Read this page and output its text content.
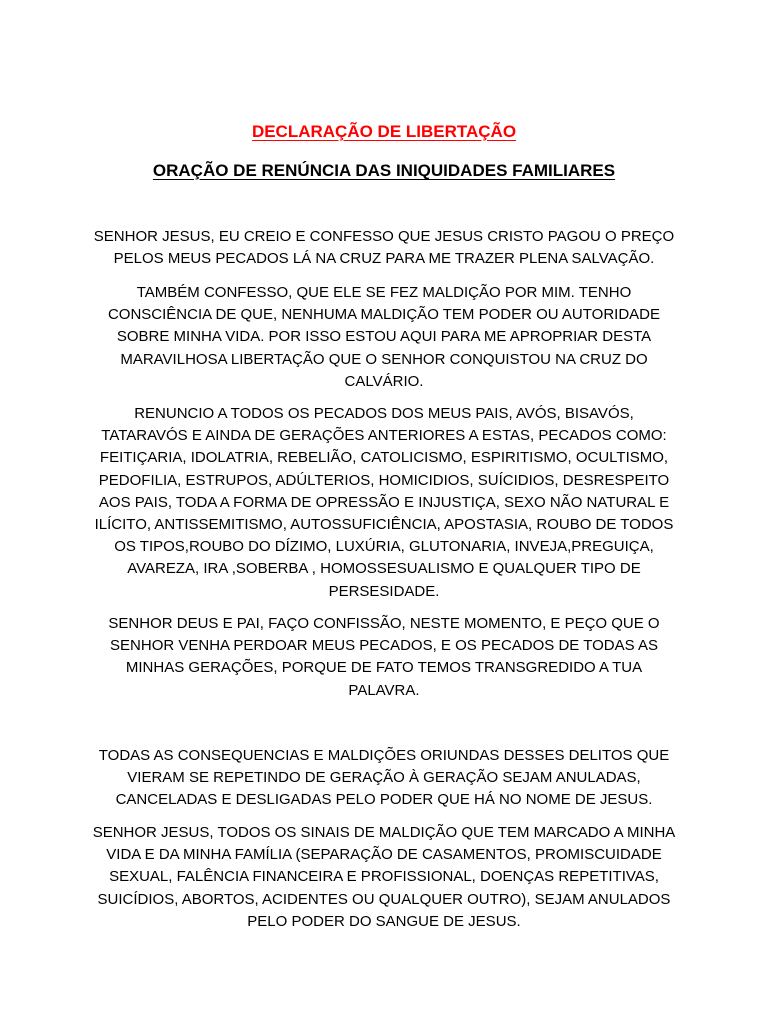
DECLARAÇÃO DE LIBERTAÇÃO
ORAÇÃO DE RENÚNCIA DAS INIQUIDADES FAMILIARES

SENHOR JESUS, EU CREIO E CONFESSO QUE JESUS CRISTO PAGOU O PREÇO PELOS MEUS PECADOS LÁ NA CRUZ PARA ME TRAZER PLENA SALVAÇÃO.

TAMBÉM CONFESSO, QUE ELE SE FEZ MALDIÇÃO POR MIM. TENHO CONSCIÊNCIA DE QUE, NENHUMA MALDIÇÃO TEM PODER OU AUTORIDADE SOBRE MINHA VIDA. POR ISSO ESTOU AQUI PARA ME APROPRIAR DESTA MARAVILHOSA LIBERTAÇÃO QUE O SENHOR CONQUISTOU NA CRUZ DO CALVÁRIO.

RENUNCIO A TODOS OS PECADOS DOS MEUS PAIS, AVÓS, BISAVÓS, TATARAVÓS E AINDA DE GERAÇÕES ANTERIORES A ESTAS, PECADOS COMO: FEITIÇARIA, IDOLATRIA, REBELIÃO, CATOLICISMO, ESPIRITISMO, OCULTISMO, PEDOFILIA, ESTRUPOS, ADÚLTERIOS, HOMICIDIOS, SUÍCIDIOS, DESRESPEITO AOS PAIS, TODA A FORMA DE OPRESSÃO E INJUSTIÇA, SEXO NÃO NATURAL E ILÍCITO, ANTISSEMITISMO, AUTOSSUFICIÊNCIA, APOSTASIA, ROUBO DE TODOS OS TIPOS,ROUBO DO DÍZIMO, LUXÚRIA, GLUTONARIA, INVEJA,PREGUIÇA, AVAREZA, IRA ,SOBERBA , HOMOSSESUALISMO E QUALQUER TIPO DE PERSESIDADE.

SENHOR DEUS E PAI, FAÇO CONFISSÃO, NESTE MOMENTO, E PEÇO QUE O SENHOR VENHA PERDOAR MEUS PECADOS, E OS PECADOS DE TODAS AS MINHAS GERAÇÕES, PORQUE DE FATO TEMOS TRANSGREDIDO A TUA PALAVRA.

TODAS AS CONSEQUENCIAS E MALDIÇÕES ORIUNDAS DESSES DELITOS QUE VIERAM SE REPETINDO DE GERAÇÃO À GERAÇÃO SEJAM ANULADAS, CANCELADAS E DESLIGADAS PELO PODER QUE HÁ NO NOME DE JESUS.

SENHOR JESUS, TODOS OS SINAIS DE MALDIÇÃO QUE TEM MARCADO A MINHA VIDA E DA MINHA FAMÍLIA (SEPARAÇÃO DE CASAMENTOS, PROMISCUIDADE SEXUAL, FALÊNCIA FINANCEIRA E PROFISSIONAL, DOENÇAS REPETITIVAS, SUICÍDIOS, ABORTOS, ACIDENTES OU QUALQUER OUTRO), SEJAM ANULADOS PELO PODER DO SANGUE DE JESUS.
